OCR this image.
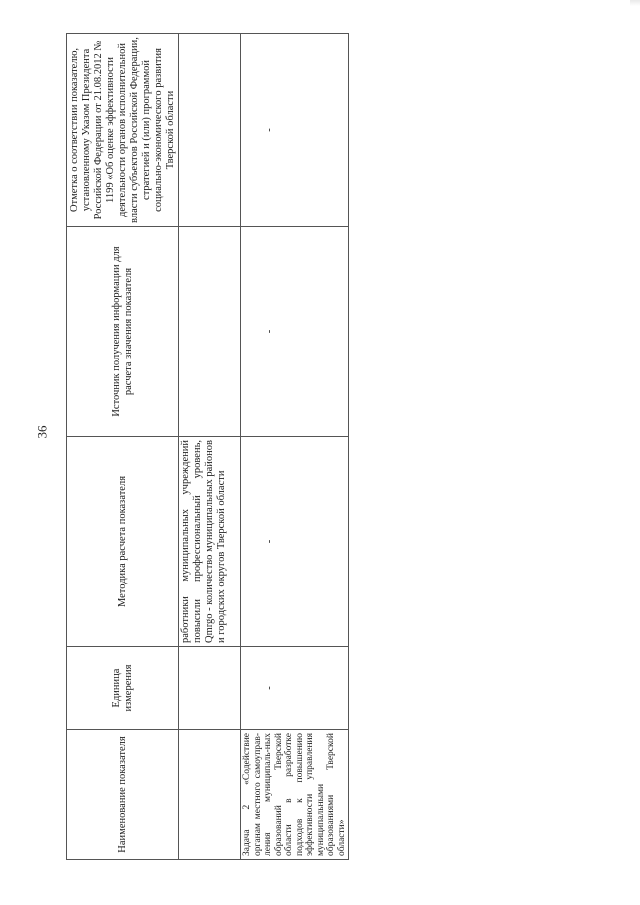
36
Наименование показателя	Единица измерения	Методика расчета показателя	Источник получения информации для расчета значения показателя	Отметка о соответствии показателю, установленному Указом Президента Российской Федерации от 21.08.2012 № 1199 «Об оценке эффективности деятельности органов исполнительной власти субъектов Российской Федерации, стратегией и (или) программой социально-экономического развития Тверской области
		работники муниципальных учреждений повысили профессиональный уровень, Qmrgo - количество муниципальных районов и городских округов Тверской области		
Задача 2 «Содействие органам местного самоуправ-ления муниципаль-ных образований Тверской области в разработке подходов к повышению эффективности управления муниципальными образованиями Тверской области»	-	-	-	-
